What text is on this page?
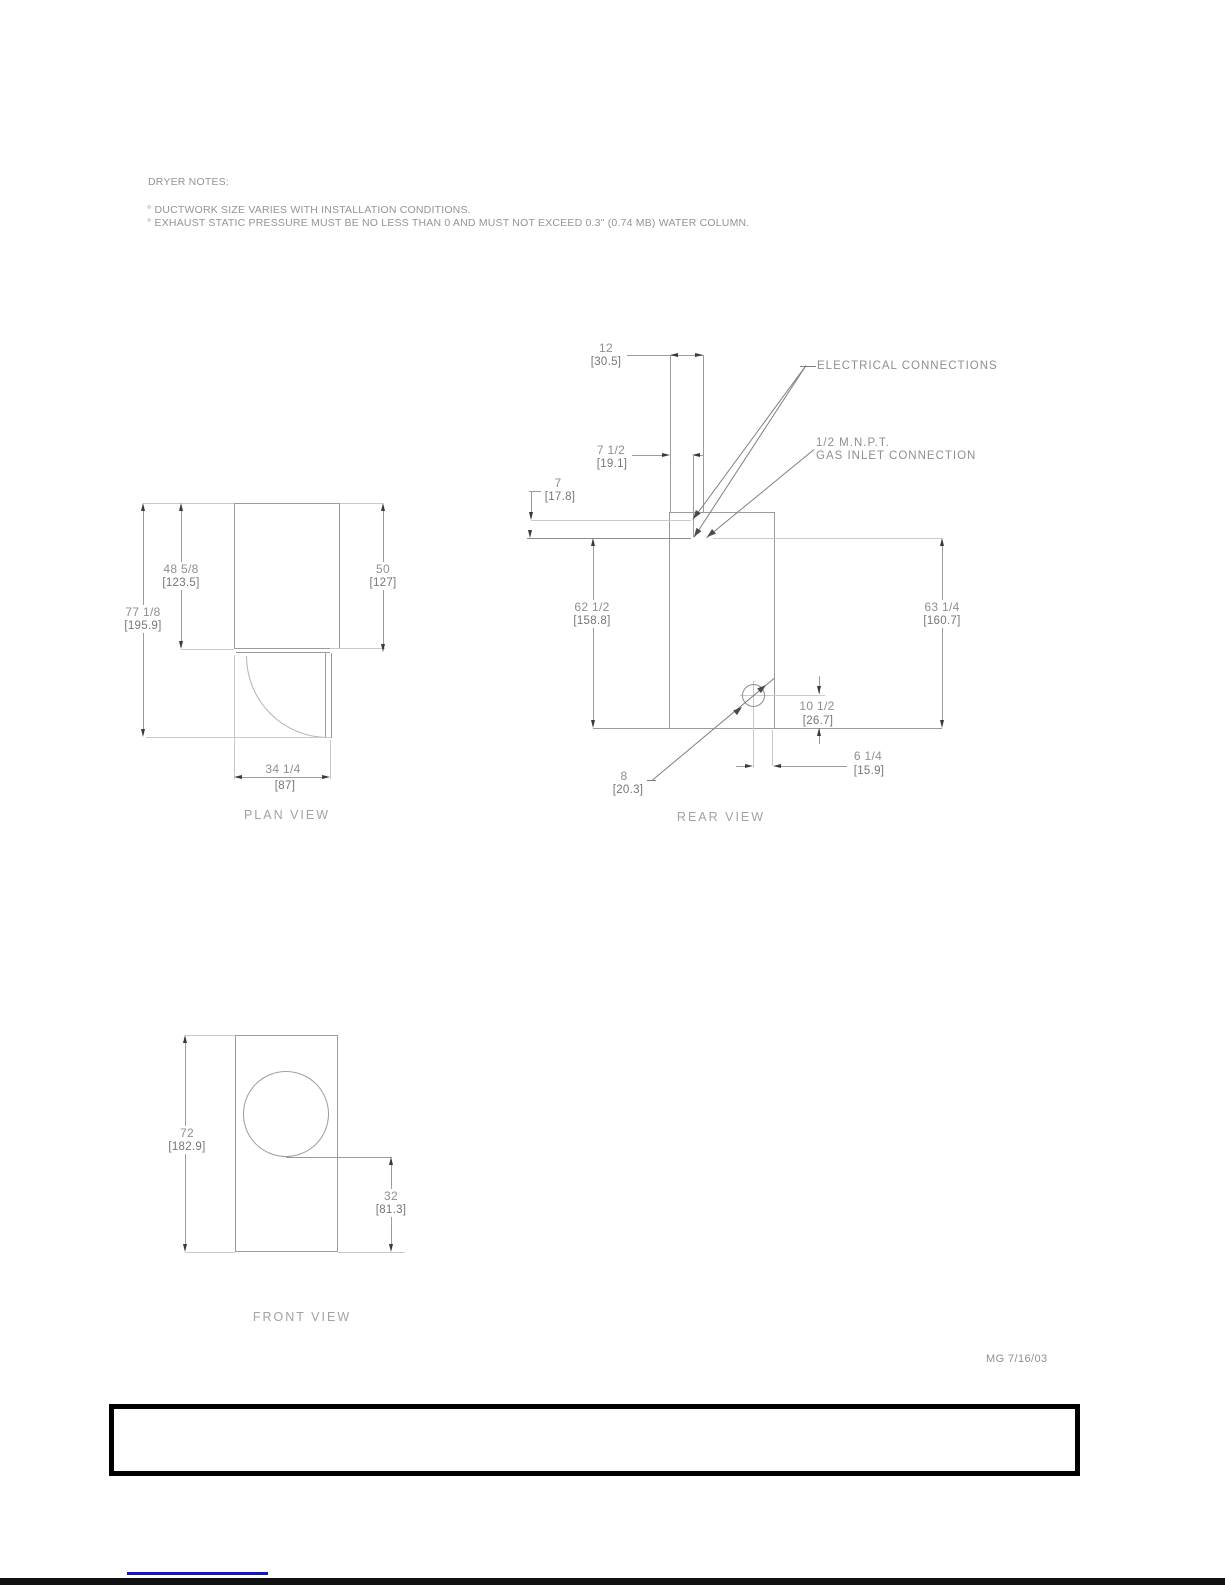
DRYER NOTES:
° DUCTWORK SIZE VARIES WITH INSTALLATION CONDITIONS.
° EXHAUST STATIC PRESSURE MUST BE NO LESS THAN 0 AND MUST NOT EXCEED 0.3" (0.74 MB) WATER COLUMN.
77 1/8
[195.9]
48 5/8
[123.5]
50
[127]
34 1/4
[87]
PLAN VIEW
12
[30.5]
7 1/2
[19.1]
7
[17.8]
ELECTRICAL CONNECTIONS
1/2 M.N.P.T.
GAS INLET CONNECTION
62 1/2
[158.8]
63 1/4
[160.7]
10 1/2
[26.7]
6 1/4
[15.9]
8
[20.3]
REAR VIEW
72
[182.9]
32
[81.3]
FRONT VIEW
MG 7/16/03
